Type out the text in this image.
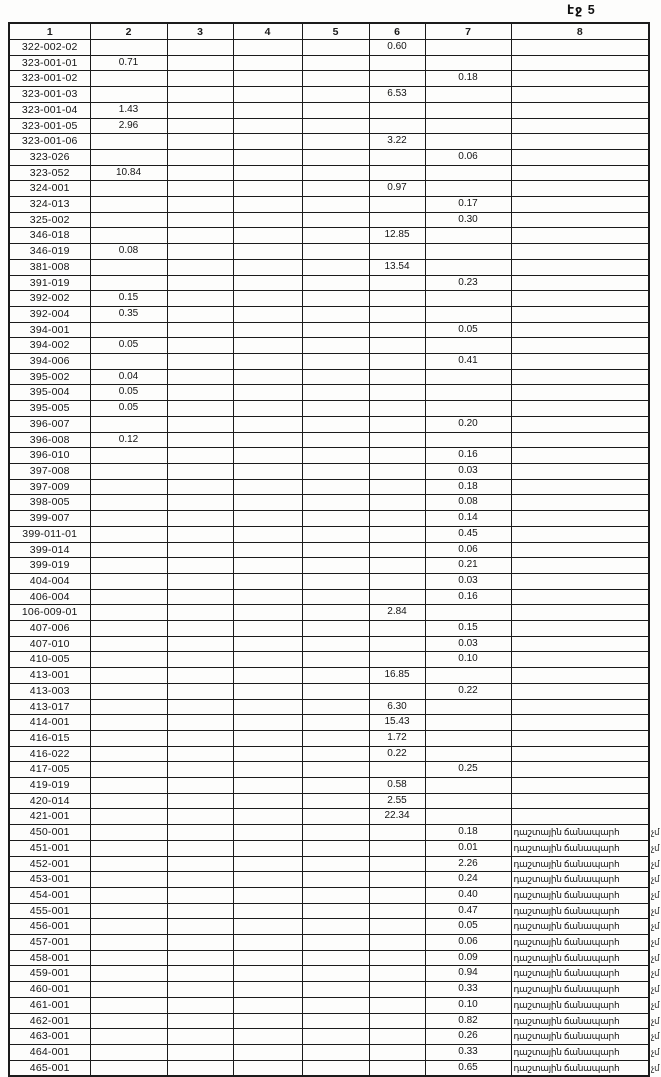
էջ 5
1	2	3	4	5	6	7	8
322-002-02					0.60		
323-001-01	0.71						
323-001-02						0.18	
323-001-03					6.53		
323-001-04	1.43						
323-001-05	2.96						
323-001-06					3.22		
323-026						0.06	
323-052	10.84						
324-001					0.97		
324-013						0.17	
325-002						0.30	
346-018					12.85		
346-019	0.08						
381-008					13.54		
391-019						0.23	
392-002	0.15						
392-004	0.35						
394-001						0.05	
394-002	0.05						
394-006						0.41	
395-002	0.04						
395-004	0.05						
395-005	0.05						
396-007						0.20	
396-008	0.12						
396-010						0.16	
397-008						0.03	
397-009						0.18	
398-005						0.08	
399-007						0.14	
399-011-01						0.45	
399-014						0.06	
399-019						0.21	
404-004						0.03	
406-004						0.16	
106-009-01					2.84		
407-006						0.15	
407-010						0.03	
410-005						0.10	
413-001					16.85		
413-003						0.22	
413-017					6.30		
414-001					15.43		
416-015					1.72		
416-022					0.22		
417-005						0.25	
419-019					0.58		
420-014					2.55		
421-001					22.34		
450-001						0.18	դաշտային ճանապարհ չմ

451-001						0.01	դաշտային ճանապարհ չմ

452-001						2.26	դաշտային ճանապարհ չմ

453-001						0.24	դաշտային ճանապարհ չմ

454-001						0.40	դաշտային ճանապարհ չմ

455-001						0.47	դաշտային ճանապարհ չմ

456-001						0.05	դաշտային ճանապարհ չմ

457-001						0.06	դաշտային ճանապարհ չմ

458-001						0.09	դաշտային ճանապարհ չմ

459-001						0.94	դաշտային ճանապարհ չմ

460-001						0.33	դաշտային ճանապարհ չմ

461-001						0.10	դաշտային ճանապարհ չմ

462-001						0.82	դաշտային ճանապարհ չմ

463-001						0.26	դաշտային ճանապարհ չմ

464-001						0.33	դաշտային ճանապարհ չմ

465-001						0.65	դաշտային ճանապարհ չմ
